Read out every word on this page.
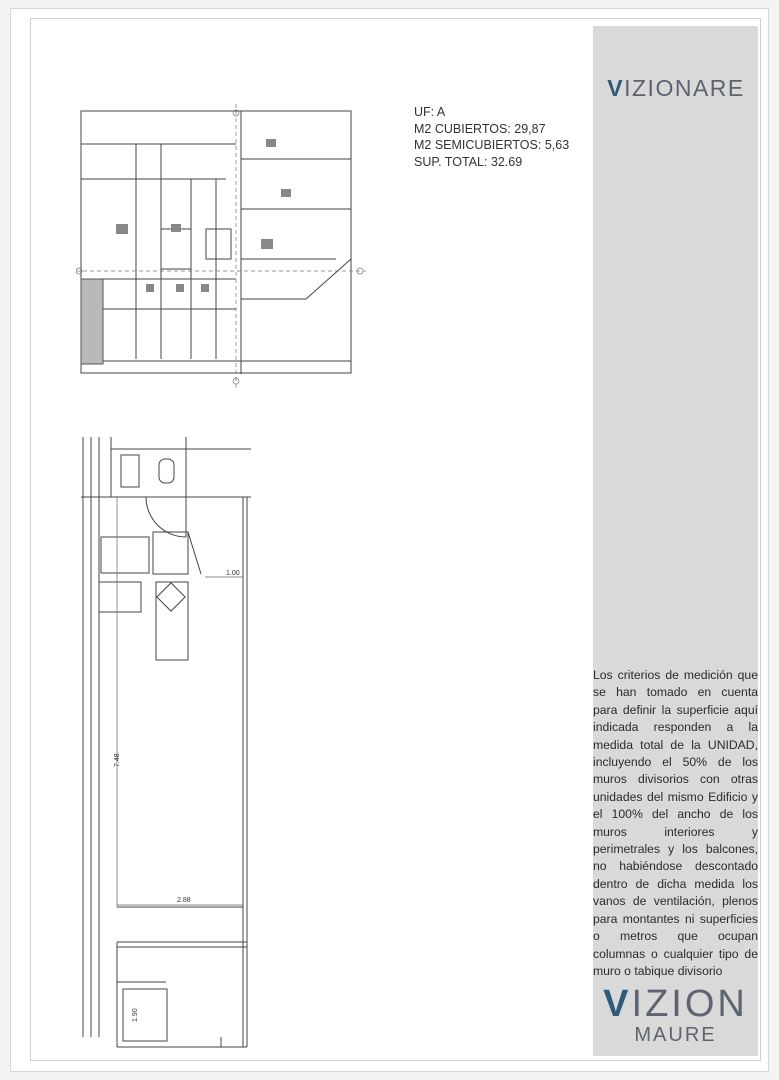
UF: A
M2 CUBIERTOS: 29,87
M2 SEMICUBIERTOS: 5,63
SUP. TOTAL: 32.69
7.48
2.88
1.00
1.90
VIZIONARE
Los criterios de medición que se han tomado en cuenta para definir la superficie aquí indicada responden a la medida total de la UNIDAD, incluyendo el 50% de los muros divisorios con otras unidades del mismo Edificio y el 100% del ancho de los muros interiores y perimetrales y los balcones, no habiéndose descontado dentro de dicha medida los vanos de ventilación, plenos para montantes ni superficies o metros que ocupan columnas o cualquier tipo de muro o tabique divisorio
VIZION
MAURE
